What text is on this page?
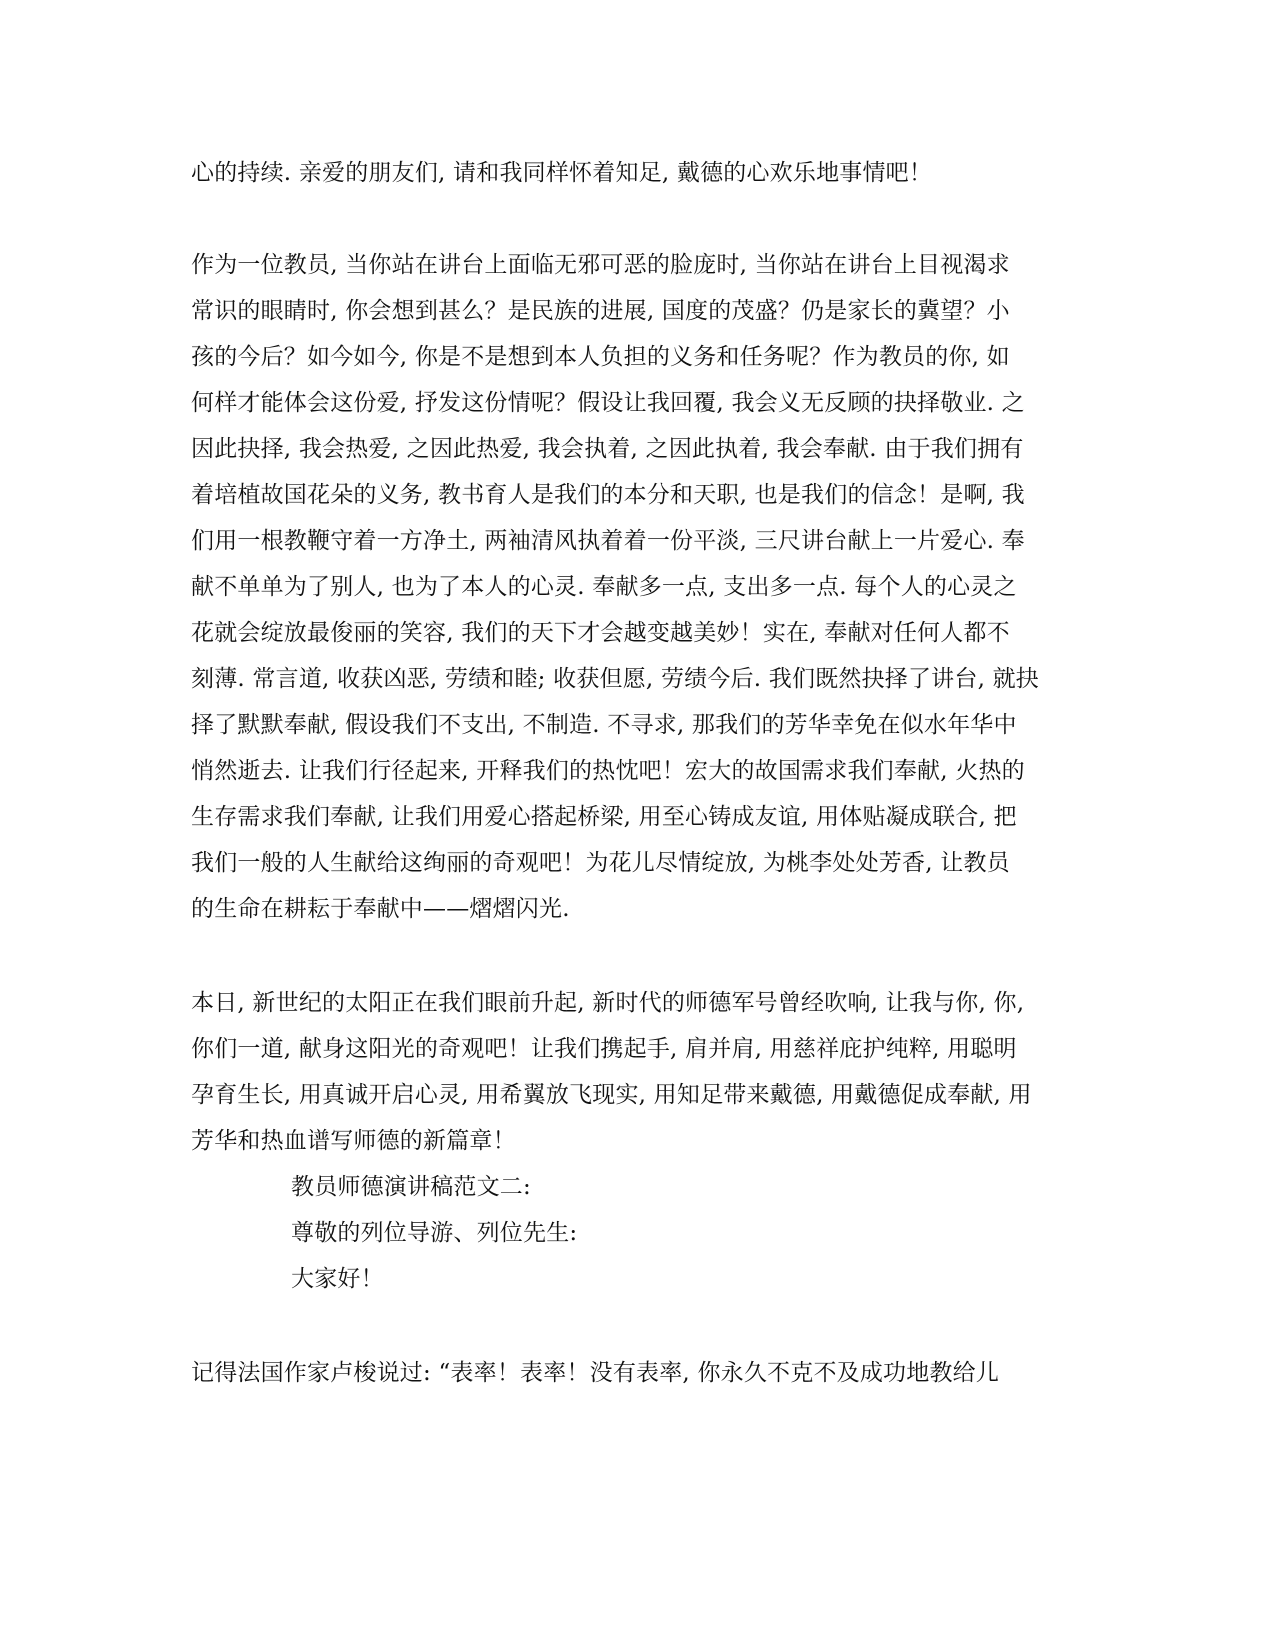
心的持续. 亲爱的朋友们, 请和我同样怀着知足, 戴德的心欢乐地事情吧！
作为一位教员, 当你站在讲台上面临无邪可恶的脸庞时, 当你站在讲台上目视渴求
常识的眼睛时, 你会想到甚么？是民族的进展, 国度的茂盛？仍是家长的冀望？小
孩的今后？如今如今, 你是不是想到本人负担的义务和任务呢？作为教员的你, 如
何样才能体会这份爱, 抒发这份情呢？假设让我回覆, 我会义无反顾的抉择敬业. 之
因此抉择, 我会热爱, 之因此热爱, 我会执着, 之因此执着, 我会奉献. 由于我们拥有
着培植故国花朵的义务, 教书育人是我们的本分和天职, 也是我们的信念！是啊, 我
们用一根教鞭守着一方净土, 两袖清风执着着一份平淡, 三尺讲台献上一片爱心. 奉
献不单单为了别人, 也为了本人的心灵. 奉献多一点, 支出多一点. 每个人的心灵之
花就会绽放最俊丽的笑容, 我们的天下才会越变越美妙！实在, 奉献对任何人都不
刻薄. 常言道, 收获凶恶, 劳绩和睦; 收获但愿, 劳绩今后. 我们既然抉择了讲台, 就抉
择了默默奉献, 假设我们不支出, 不制造. 不寻求, 那我们的芳华幸免在似水年华中
悄然逝去. 让我们行径起来, 开释我们的热忱吧！宏大的故国需求我们奉献, 火热的
生存需求我们奉献, 让我们用爱心搭起桥梁, 用至心铸成友谊, 用体贴凝成联合, 把
我们一般的人生献给这绚丽的奇观吧！为花儿尽情绽放, 为桃李处处芳香, 让教员
的生命在耕耘于奉献中——熠熠闪光.
本日, 新世纪的太阳正在我们眼前升起, 新时代的师德军号曾经吹响, 让我与你, 你,
你们一道, 献身这阳光的奇观吧！让我们携起手, 肩并肩, 用慈祥庇护纯粹, 用聪明
孕育生长, 用真诚开启心灵, 用希翼放飞现实, 用知足带来戴德, 用戴德促成奉献, 用
芳华和热血谱写师德的新篇章！
教员师德演讲稿范文二:
尊敬的列位导游、列位先生:
大家好！
记得法国作家卢梭说过: “表率！表率！没有表率, 你永久不克不及成功地教给儿
